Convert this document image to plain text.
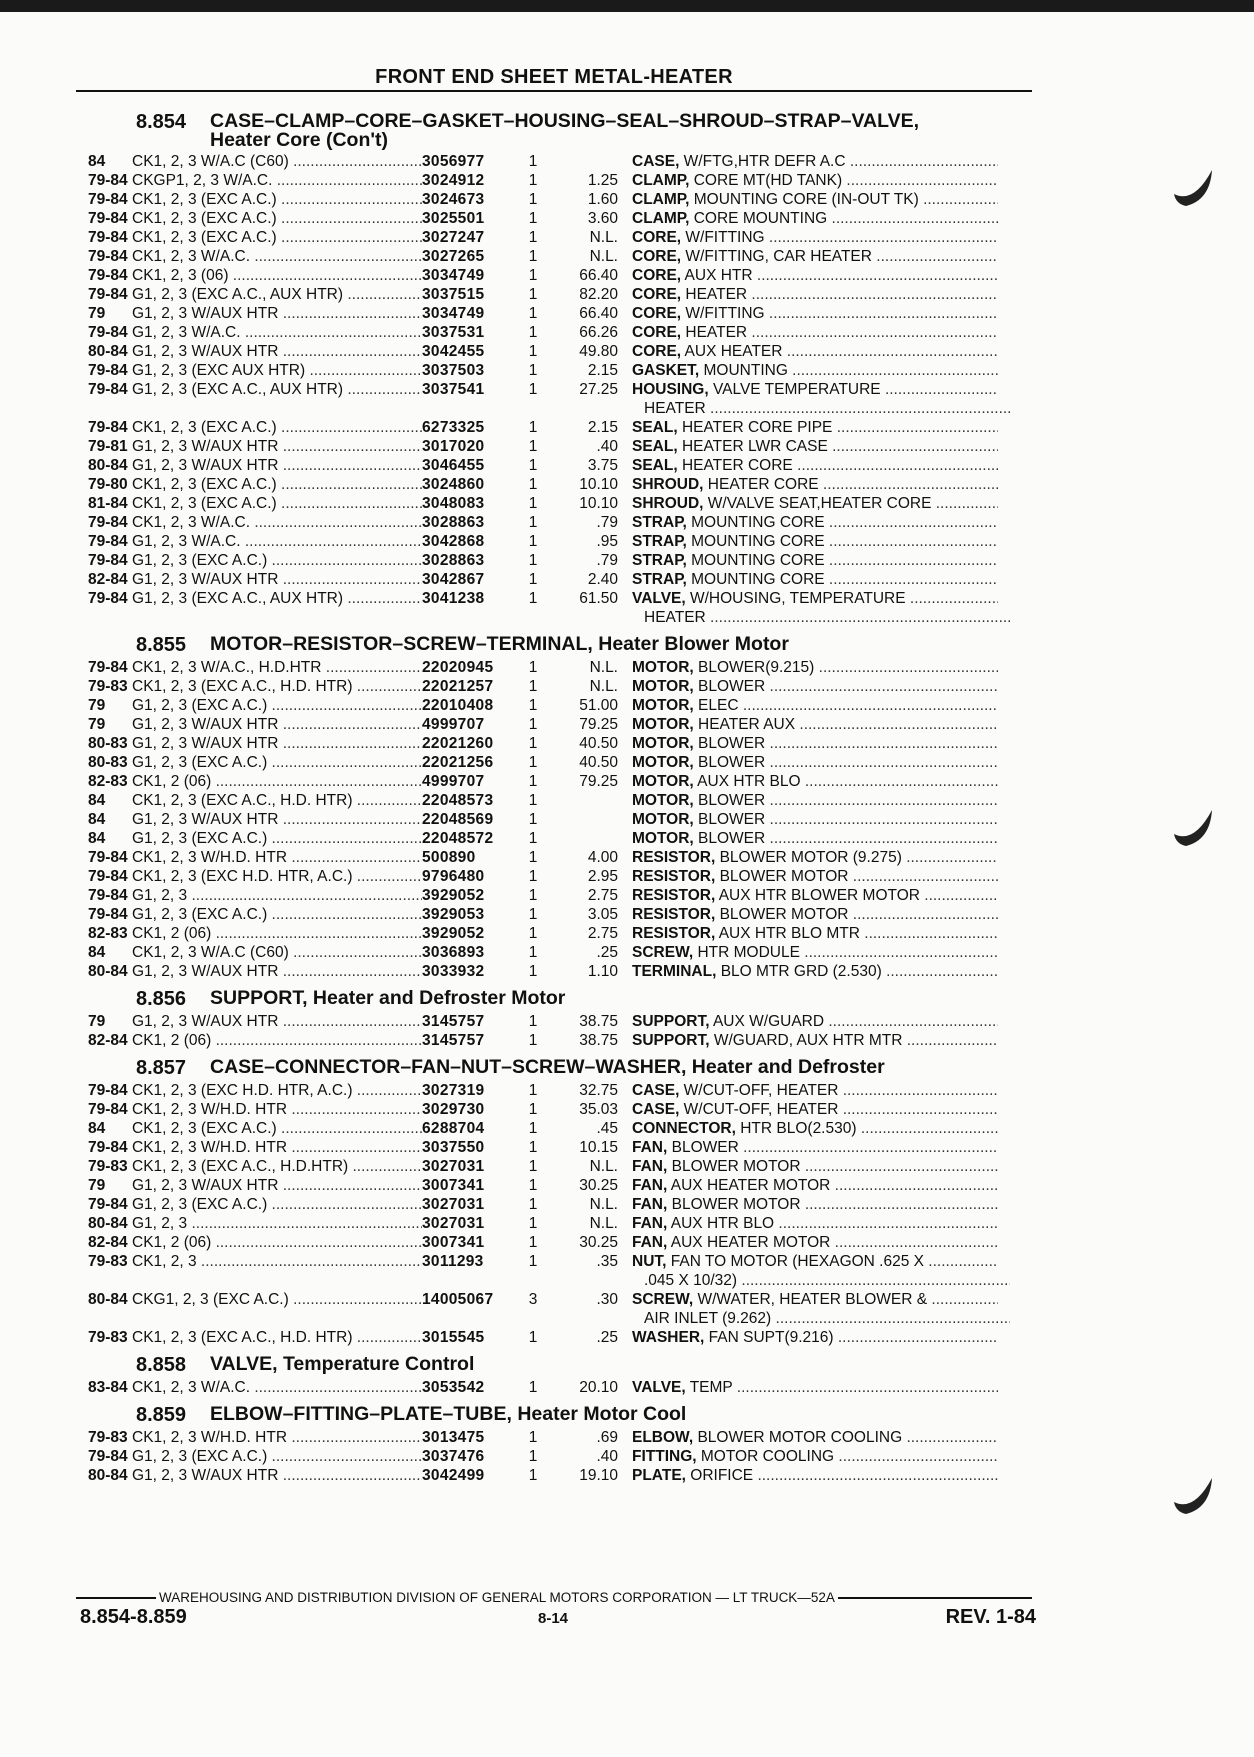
FRONT END SHEET METAL-HEATER
8.854	CASE–CLAMP–CORE–GASKET–HOUSING–SEAL–SHROUD–STRAP–VALVE, Heater Core (Con't)
84	CK1, 2, 3 W/A.C (C60) .....	3056977	1	CASE, W/FTG,HTR DEFR A.C .....
79-84 CKGP1, 2, 3 W/A.C. .....	3024912	1	1.25 CLAMP, CORE MT(HD TANK) .....
79-84 CK1, 2, 3 (EXC A.C.) .....	3024673	1	1.60 CLAMP, MOUNTING CORE (IN-OUT TK) .....
79-84 CK1, 2, 3 (EXC A.C.) .....	3025501	1	3.60 CLAMP, CORE MOUNTING .....
79-84 CK1, 2, 3 (EXC A.C.) .....	3027247	1	N.L. CORE, W/FITTING .....
79-84 CK1, 2, 3 W/A.C. .....	3027265	1	N.L. CORE, W/FITTING, CAR HEATER .....
79-84 CK1, 2, 3 (06) .....	3034749	1	66.40 CORE, AUX HTR .....
79-84 G1, 2, 3 (EXC A.C., AUX HTR) .....	3037515	1	82.20 CORE, HEATER .....
79	G1, 2, 3 W/AUX HTR .....	3034749	1	66.40 CORE, W/FITTING .....
79-84 G1, 2, 3 W/A.C. .....	3037531	1	66.26 CORE, HEATER .....
80-84 G1, 2, 3 W/AUX HTR .....	3042455	1	49.80 CORE, AUX HEATER .....
79-84 G1, 2, 3 (EXC AUX HTR) .....	3037503	1	2.15 GASKET, MOUNTING .....
79-84 G1, 2, 3 (EXC A.C., AUX HTR) .....	3037541	1	27.25 HOUSING, VALVE TEMPERATURE .....
HEATER .....
79-84 CK1, 2, 3 (EXC A.C.) .....	6273325	1	2.15 SEAL, HEATER CORE PIPE .....
79-81 G1, 2, 3 W/AUX HTR .....	3017020	1	.40 SEAL, HEATER LWR CASE .....
80-84 G1, 2, 3 W/AUX HTR .....	3046455	1	3.75 SEAL, HEATER CORE .....
79-80 CK1, 2, 3 (EXC A.C.) .....	3024860	1	10.10 SHROUD, HEATER CORE .....
81-84 CK1, 2, 3 (EXC A.C.) .....	3048083	1	10.10 SHROUD, W/VALVE SEAT,HEATER CORE .....
79-84 CK1, 2, 3 W/A.C. .....	3028863	1	.79 STRAP, MOUNTING CORE .....
79-84 G1, 2, 3 W/A.C. .....	3042868	1	.95 STRAP, MOUNTING CORE .....
79-84 G1, 2, 3 (EXC A.C.) .....	3028863	1	.79 STRAP, MOUNTING CORE .....
82-84 G1, 2, 3 W/AUX HTR .....	3042867	1	2.40 STRAP, MOUNTING CORE .....
79-84 G1, 2, 3 (EXC A.C., AUX HTR) .....	3041238	1	61.50 VALVE, W/HOUSING, TEMPERATURE .....
HEATER .....
8.855	MOTOR–RESISTOR–SCREW–TERMINAL, Heater Blower Motor
79-84 CK1, 2, 3 W/A.C., H.D.HTR .....	22020945	1	N.L. MOTOR, BLOWER(9.215) .....
79-83 CK1, 2, 3 (EXC A.C., H.D. HTR) .....	22021257	1	N.L. MOTOR, BLOWER .....
79	G1, 2, 3 (EXC A.C.) .....	22010408	1	51.00 MOTOR, ELEC .....
79	G1, 2, 3 W/AUX HTR .....	4999707	1	79.25 MOTOR, HEATER AUX .....
80-83 G1, 2, 3 W/AUX HTR .....	22021260	1	40.50 MOTOR, BLOWER .....
80-83 G1, 2, 3 (EXC A.C.) .....	22021256	1	40.50 MOTOR, BLOWER .....
82-83 CK1, 2 (06) .....	4999707	1	79.25 MOTOR, AUX HTR BLO .....
84	CK1, 2, 3 (EXC A.C., H.D. HTR) .....	22048573	1	MOTOR, BLOWER .....
84	G1, 2, 3 W/AUX HTR .....	22048569	1	MOTOR, BLOWER .....
84	G1, 2, 3 (EXC A.C.) .....	22048572	1	MOTOR, BLOWER .....
79-84 CK1, 2, 3 W/H.D. HTR .....	500890	1	4.00 RESISTOR, BLOWER MOTOR (9.275) .....
79-84 CK1, 2, 3 (EXC H.D. HTR, A.C.) .....	9796480	1	2.95 RESISTOR, BLOWER MOTOR .....
79-84 G1, 2, 3 .....	3929052	1	2.75 RESISTOR, AUX HTR BLOWER MOTOR .....
79-84 G1, 2, 3 (EXC A.C.) .....	3929053	1	3.05 RESISTOR, BLOWER MOTOR .....
82-83 CK1, 2 (06) .....	3929052	1	2.75 RESISTOR, AUX HTR BLO MTR .....
84	CK1, 2, 3 W/A.C (C60) .....	3036893	1	.25 SCREW, HTR MODULE .....
80-84 G1, 2, 3 W/AUX HTR .....	3033932	1	1.10 TERMINAL, BLO MTR GRD (2.530) .....
8.856	SUPPORT, Heater and Defroster Motor
79	G1, 2, 3 W/AUX HTR .....	3145757	1	38.75 SUPPORT, AUX W/GUARD .....
82-84 CK1, 2 (06) .....	3145757	1	38.75 SUPPORT, W/GUARD, AUX HTR MTR .....
8.857	CASE–CONNECTOR–FAN–NUT–SCREW–WASHER, Heater and Defroster
79-84 CK1, 2, 3 (EXC H.D. HTR, A.C.) .....	3027319	1	32.75 CASE, W/CUT-OFF, HEATER .....
79-84 CK1, 2, 3 W/H.D. HTR .....	3029730	1	35.03 CASE, W/CUT-OFF, HEATER .....
84	CK1, 2, 3 (EXC A.C.) .....	6288704	1	.45 CONNECTOR, HTR BLO(2.530) .....
79-84 CK1, 2, 3 W/H.D. HTR .....	3037550	1	10.15 FAN, BLOWER .....
79-83 CK1, 2, 3 (EXC A.C., H.D.HTR) .....	3027031	1	N.L. FAN, BLOWER MOTOR .....
79	G1, 2, 3 W/AUX HTR .....	3007341	1	30.25 FAN, AUX HEATER MOTOR .....
79-84 G1, 2, 3 (EXC A.C.) .....	3027031	1	N.L. FAN, BLOWER MOTOR .....
80-84 G1, 2, 3 .....	3027031	1	N.L. FAN, AUX HTR BLO .....
82-84 CK1, 2 (06) .....	3007341	1	30.25 FAN, AUX HEATER MOTOR .....
79-83 CK1, 2, 3 .....	3011293	1	.35 NUT, FAN TO MOTOR (HEXAGON .625 X .....
.045 X 10/32) .....
80-84 CKG1, 2, 3 (EXC A.C.) .....	14005067	3	.30 SCREW, W/WATER, HEATER BLOWER & .....
AIR INLET (9.262) .....
79-83 CK1, 2, 3 (EXC A.C., H.D. HTR) .....	3015545	1	.25 WASHER, FAN SUPT(9.216) .....
8.858	VALVE, Temperature Control
83-84 CK1, 2, 3 W/A.C. .....	3053542	1	20.10 VALVE, TEMP .....
8.859	ELBOW–FITTING–PLATE–TUBE, Heater Motor Cool
79-83 CK1, 2, 3 W/H.D. HTR .....	3013475	1	.69 ELBOW, BLOWER MOTOR COOLING .....
79-84 G1, 2, 3 (EXC A.C.) .....	3037476	1	.40 FITTING, MOTOR COOLING .....
80-84 G1, 2, 3 W/AUX HTR .....	3042499	1	19.10 PLATE, ORIFICE .....
WAREHOUSING AND DISTRIBUTION DIVISION OF GENERAL MOTORS CORPORATION — LT TRUCK—52A
8.854-8.859	8-14	REV. 1-84
